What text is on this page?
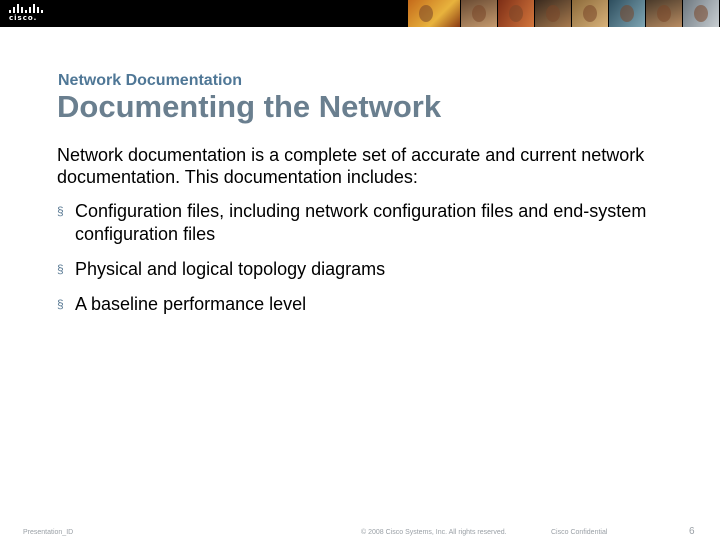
cisco.
Network Documentation
Documenting the Network
Network documentation is a complete set of accurate and current network documentation. This documentation includes:
§ Configuration files, including network configuration files and end-system configuration files
§ Physical and logical topology diagrams
§ A baseline performance level
Presentation_ID	© 2008 Cisco Systems, Inc. All rights reserved.	Cisco Confidential	6
